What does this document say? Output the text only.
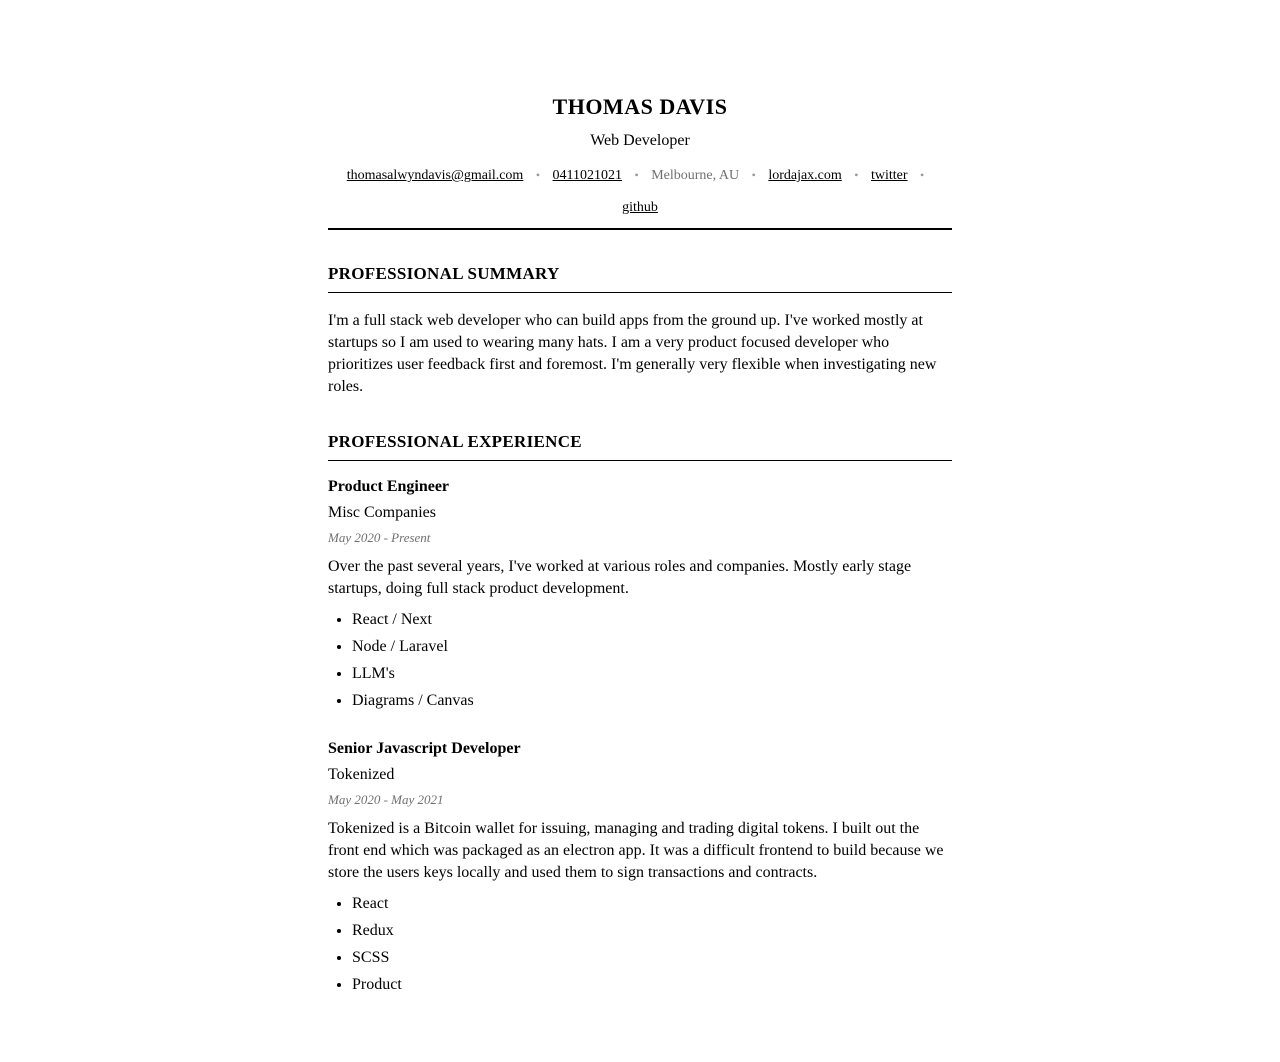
THOMAS DAVIS
Web Developer

thomasalwyndavis@gmail.com • 0411021021 • Melbourne, AU • lordajax.com • twitter • github

PROFESSIONAL SUMMARY

I'm a full stack web developer who can build apps from the ground up. I've worked mostly at startups so I am used to wearing many hats. I am a very product focused developer who prioritizes user feedback first and foremost. I'm generally very flexible when investigating new roles.

PROFESSIONAL EXPERIENCE
Product Engineer
Misc Companies
May 2020 - Present

Over the past several years, I've worked at various roles and companies. Mostly early stage startups, doing full stack product development.

• React / Next
• Node / Laravel
• LLM's
• Diagrams / Canvas
Senior Javascript Developer
Tokenized
May 2020 - May 2021

Tokenized is a Bitcoin wallet for issuing, managing and trading digital tokens. I built out the front end which was packaged as an electron app. It was a difficult frontend to build because we store the users keys locally and used them to sign transactions and contracts.

• React
• Redux
• SCSS
• Product
